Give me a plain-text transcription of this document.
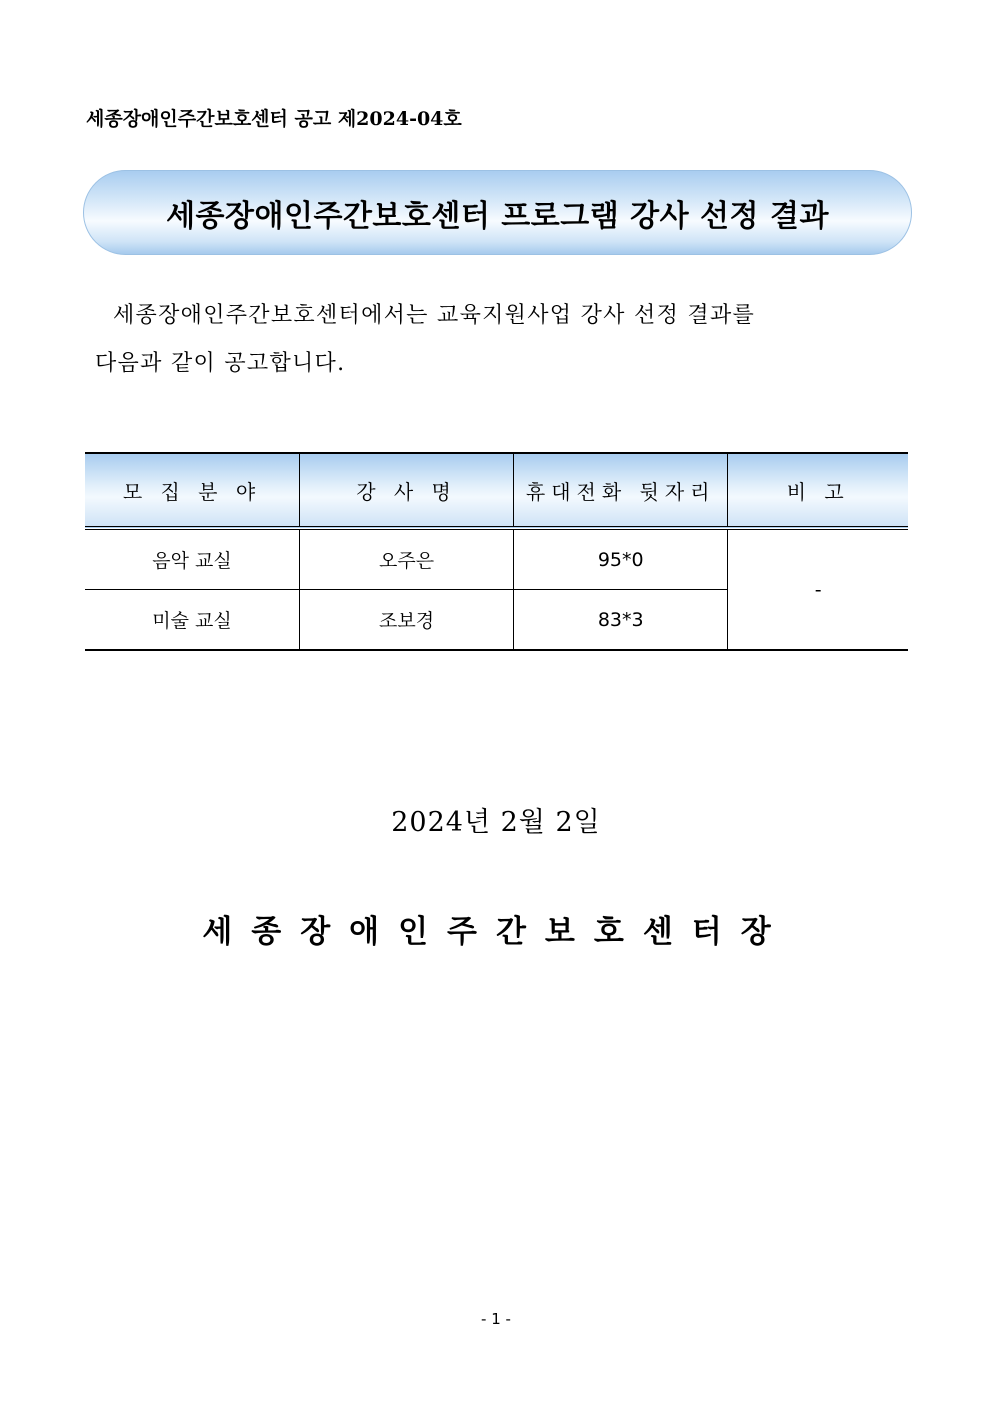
세종장애인주간보호센터 공고 제2024-04호
세종장애인주간보호센터 프로그램 강사 선정 결과
세종장애인주간보호센터에서는 교육지원사업 강사 선정 결과를
다음과 같이 공고합니다.
모 집 분 야	강 사 명	휴대전화 뒷자리	비 고
음악 교실	오주은	95*0	-
미술 교실	조보경	83*3	
2024년 2월 2일
세종장애인주간보호센터장
- 1 -
